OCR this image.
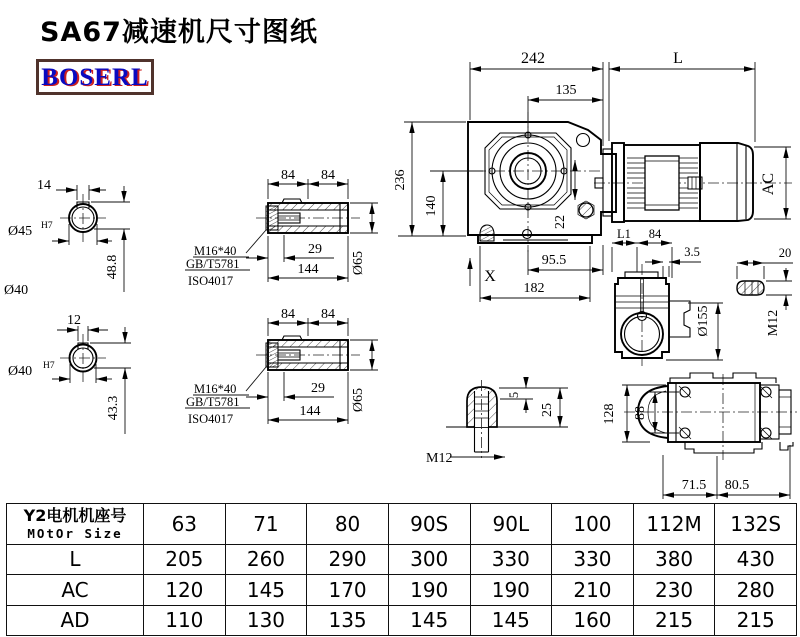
14
Ø45 H7
48.8
Ø40
12
Ø40 H7
43.3
84 84
29
144 Ø65
M16*40
GB/T5781
ISO4017
84 84
29
144 Ø65
M16*40
GB/T5781
ISO4017
242	L
135
236
140
22
95.5
182
X
AC
L1 84
3.5
Ø155
20
M12
128 88
71.5 80.5
5
25
M12
SA67减速机尺寸图纸
BOSERL
Y2电机机座号
MOtOr Size	63	71	80	90S	90L	100	112M	132S
L	205	260	290	300	330	330	380	430
AC	120	145	170	190	190	210	230	280
AD	110	130	135	145	145	160	215	215
